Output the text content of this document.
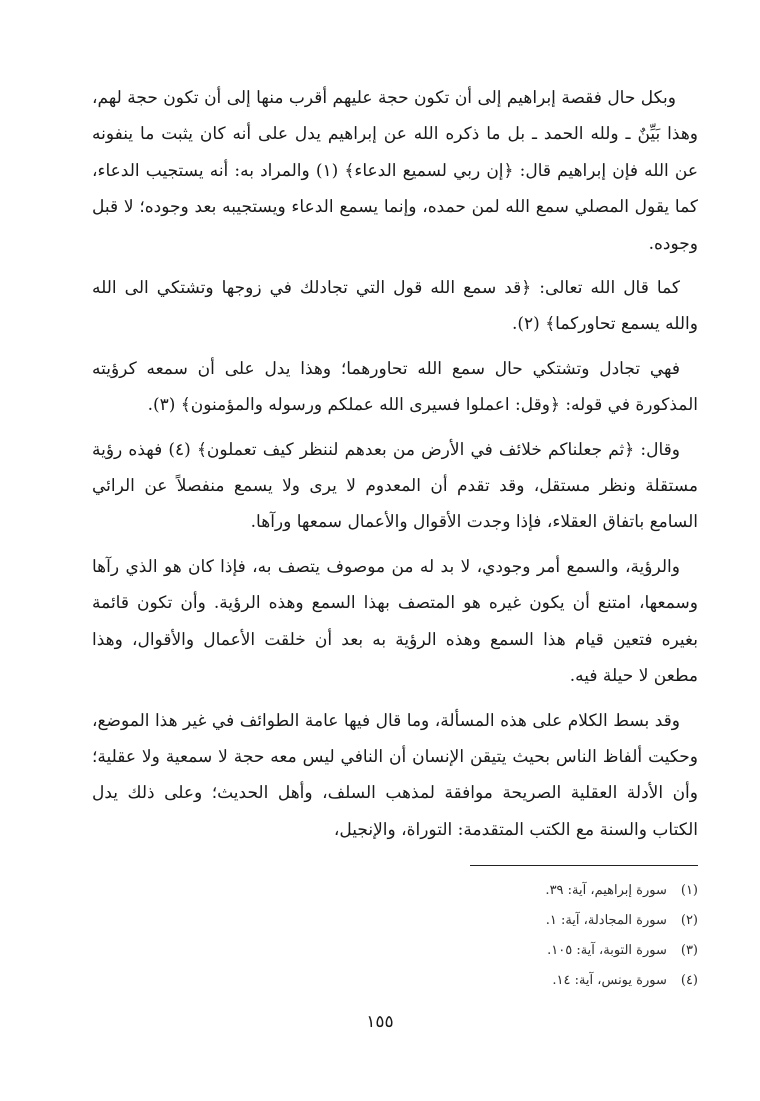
وبكل حال فقصة إبراهيم إلى أن تكون حجة عليهم أقرب منها إلى أن تكون حجة لهم، وهذا بَيِّنٌ ـ ولله الحمد ـ بل ما ذكره الله عن إبراهيم يدل على أنه كان يثبت ما ينفونه عن الله فإن إبراهيم قال: ﴿إن ربي لسميع الدعاء﴾ (١) والمراد به: أنه يستجيب الدعاء، كما يقول المصلي سمع الله لمن حمده، وإنما يسمع الدعاء ويستجيبه بعد وجوده؛ لا قبل وجوده.

كما قال الله تعالى: ﴿قد سمع الله قول التي تجادلك في زوجها وتشتكي الى الله والله يسمع تحاوركما﴾ (٢).

فهي تجادل وتشتكي حال سمع الله تحاورهما؛ وهذا يدل على أن سمعه كرؤيته المذكورة في قوله: ﴿وقل: اعملوا فسيرى الله عملكم ورسوله والمؤمنون﴾ (٣).

وقال: ﴿ثم جعلناكم خلائف في الأرض من بعدهم لننظر كيف تعملون﴾ (٤) فهذه رؤية مستقلة ونظر مستقل، وقد تقدم أن المعدوم لا يرى ولا يسمع منفصلاً عن الرائي السامع باتفاق العقلاء، فإذا وجدت الأقوال والأعمال سمعها ورآها.

والرؤية، والسمع أمر وجودي، لا بد له من موصوف يتصف به، فإذا كان هو الذي رآها وسمعها، امتنع أن يكون غيره هو المتصف بهذا السمع وهذه الرؤية. وأن تكون قائمة بغيره فتعين قيام هذا السمع وهذه الرؤية به بعد أن خلقت الأعمال والأقوال، وهذا مطعن لا حيلة فيه.

وقد بسط الكلام على هذه المسألة، وما قال فيها عامة الطوائف في غير هذا الموضع، وحكيت ألفاظ الناس بحيث يتيقن الإنسان أن النافي ليس معه حجة لا سمعية ولا عقلية؛ وأن الأدلة العقلية الصريحة موافقة لمذهب السلف، وأهل الحديث؛ وعلى ذلك يدل الكتاب والسنة مع الكتب المتقدمة: التوراة، والإنجيل،

(١)سورة إبراهيم، آية: ٣٩.
(٢)سورة المجادلة، آية: ١.
(٣)سورة التوبة، آية: ١٠٥.
(٤)سورة يونس، آية: ١٤.
١٥٥
